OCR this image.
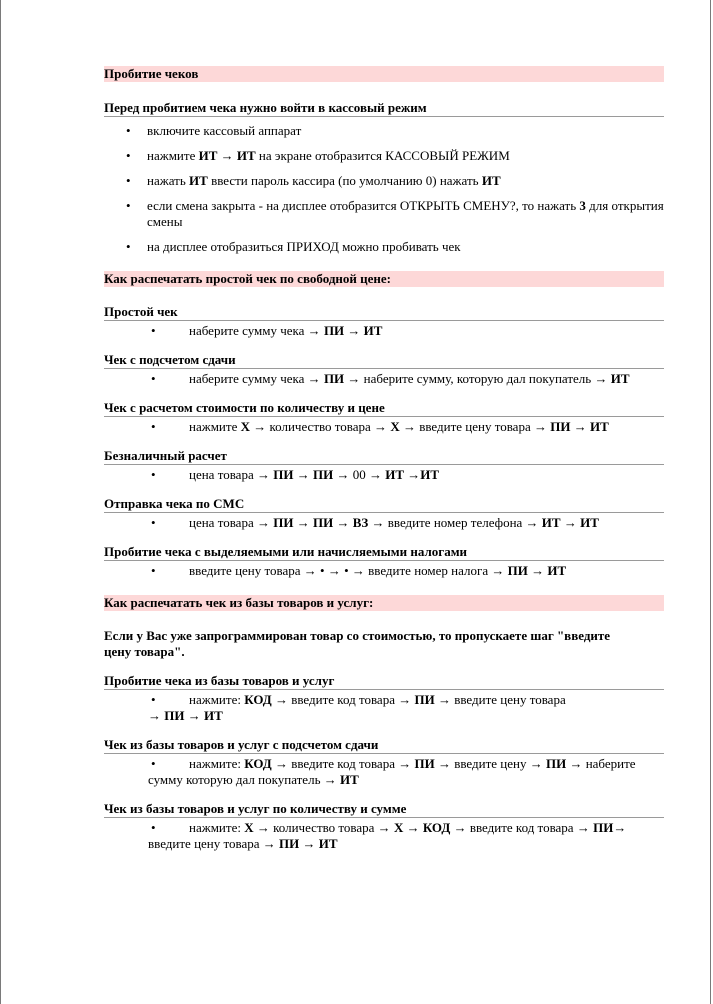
Пробитие чеков
Перед пробитием чека нужно войти в кассовый режим
• включите кассовый аппарат
• нажмите ИТ → ИТ на экране отобразится КАССОВЫЙ РЕЖИМ
• нажать ИТ ввести пароль кассира (по умолчанию 0) нажать ИТ
• если смена закрыта - на дисплее отобразится ОТКРЫТЬ СМЕНУ?, то нажать 3 для открытия смены
• на дисплее отобразиться ПРИХОД можно пробивать чек
Как распечатать простой чек по свободной цене:
Простой чек
•	наберите сумму чека → ПИ → ИТ
Чек с подсчетом сдачи
•	наберите сумму чека → ПИ → наберите сумму, которую дал покупатель → ИТ
Чек с расчетом стоимости по количеству и цене
•	нажмите Х → количество товара → Х → введите цену товара → ПИ → ИТ
Безналичный расчет
•	цена товара → ПИ → ПИ → 00 → ИТ →ИТ
Отправка чека по СМС
•	цена товара → ПИ → ПИ → ВЗ → введите номер телефона → ИТ → ИТ
Пробитие чека с выделяемыми или начисляемыми налогами
•	введите цену товара → • → • → введите номер налога → ПИ → ИТ
Как распечатать чек из базы товаров и услуг:
Если у Вас уже запрограммирован товар со стоимостью, то пропускаете шаг "введите цену товара".
Пробитие чека из базы товаров и услуг
•	нажмите: КОД → введите код товара → ПИ → введите цену товара → ПИ → ИТ
Чек из базы товаров и услуг с подсчетом сдачи
•	нажмите: КОД → введите код товара → ПИ → введите цену → ПИ → наберите сумму которую дал покупатель → ИТ
Чек из базы товаров и услуг по количеству и сумме
•	нажмите: Х → количество товара → Х → КОД → введите код товара → ПИ→ введите цену товара → ПИ → ИТ
